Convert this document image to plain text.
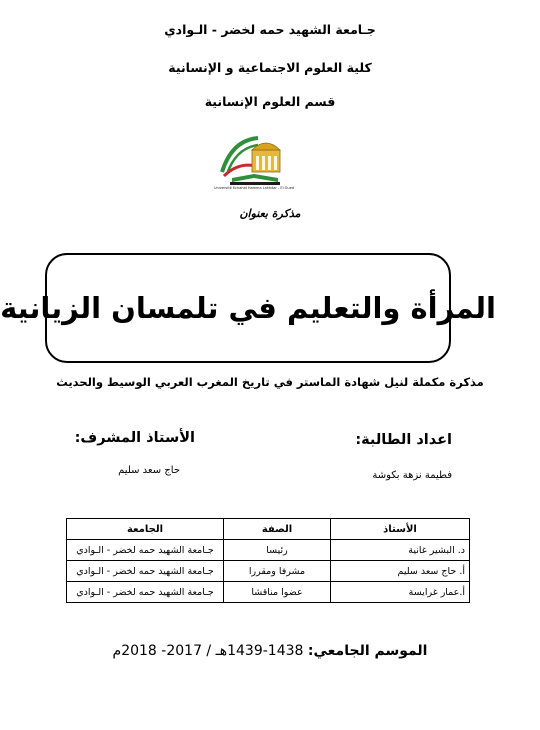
جـامعة الشهيد حمه لخضر - الـوادي
كلية العلوم الاجتماعية و الإنسانية
قسم العلوم الإنسانية
Université Echahid Hamma Lakhdar - El Oued
مذكرة بعنوان
المرأة والتعليم في تلمسان الزيانية
مذكرة مكملة لنيل شهادة الماستر في تاريخ المغرب العربي الوسيط والحديث
اعداد الطالبة:
الأستاذ المشرف:
فطيمة نزهة بكوشة
حاج سعد سليم
الأستاذ	الصفة	الجامعة
د. البشير غانية	رئيسا	جـامعة الشهيد حمه لخضر - الـوادي
أ. حاج سعد سليم	مشرفا ومقررا	جـامعة الشهيد حمه لخضر - الـوادي
أ.عمار غرايسة	عضوا مناقشا	جـامعة الشهيد حمه لخضر - الـوادي
الموسم الجامعي: 1438-1439هـ / 2017- 2018م
